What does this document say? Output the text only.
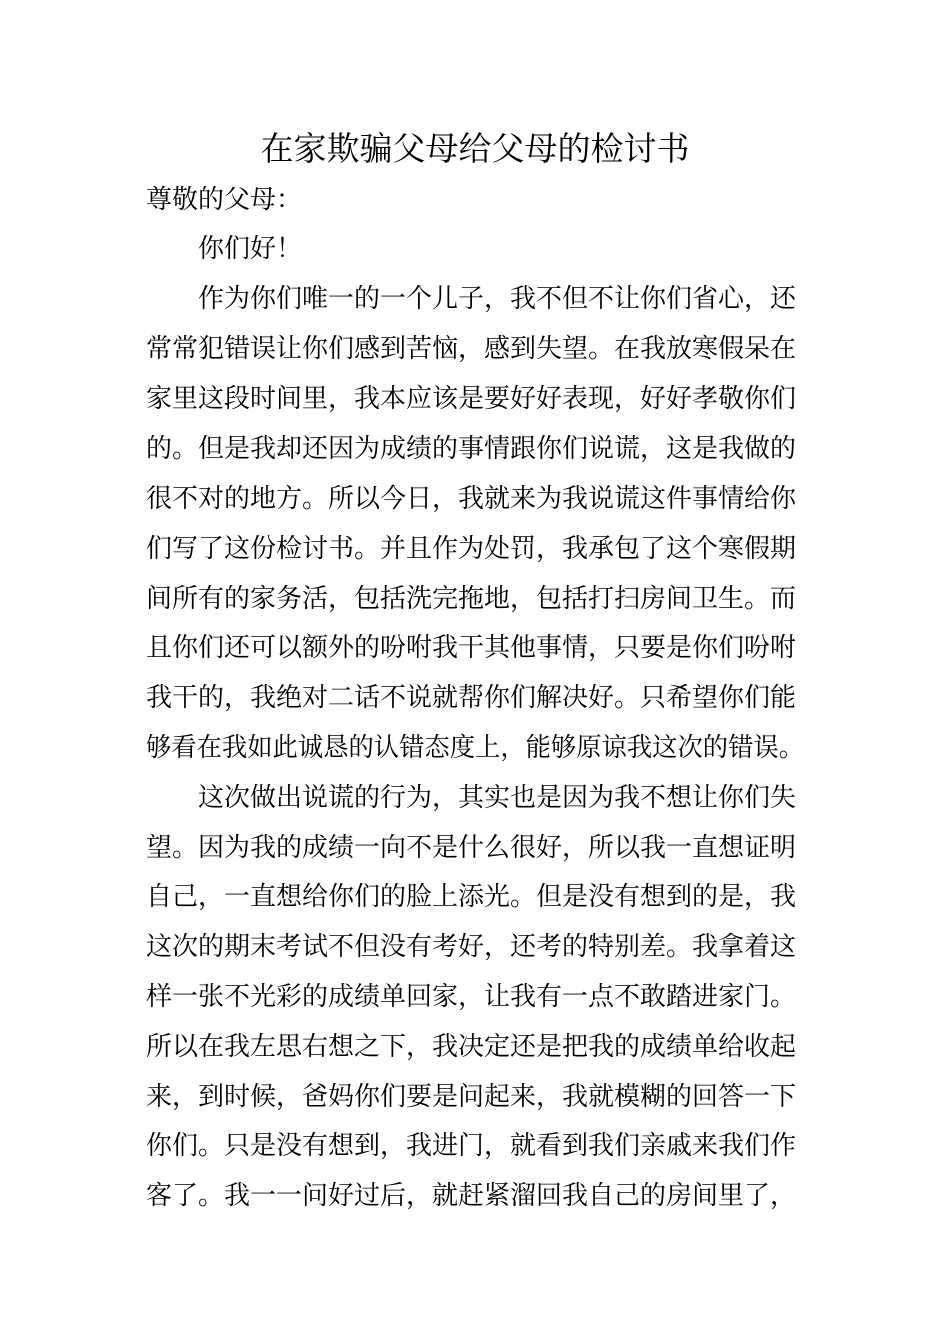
在家欺骗父母给父母的检讨书

尊敬的父母：

你们好！

作为你们唯一的一个儿子，我不但不让你们省心，还

常常犯错误让你们感到苦恼，感到失望。在我放寒假呆在

家里这段时间里，我本应该是要好好表现，好好孝敬你们

的。但是我却还因为成绩的事情跟你们说谎，这是我做的

很不对的地方。所以今日，我就来为我说谎这件事情给你

们写了这份检讨书。并且作为处罚，我承包了这个寒假期

间所有的家务活，包括洗完拖地，包括打扫房间卫生。而

且你们还可以额外的吩咐我干其他事情，只要是你们吩咐

我干的，我绝对二话不说就帮你们解决好。只希望你们能

够看在我如此诚恳的认错态度上，能够原谅我这次的错误。

这次做出说谎的行为，其实也是因为我不想让你们失

望。因为我的成绩一向不是什么很好，所以我一直想证明

自己，一直想给你们的脸上添光。但是没有想到的是，我

这次的期末考试不但没有考好，还考的特别差。我拿着这

样一张不光彩的成绩单回家，让我有一点不敢踏进家门。

所以在我左思右想之下，我决定还是把我的成绩单给收起

来，到时候，爸妈你们要是问起来，我就模糊的回答一下

你们。只是没有想到，我进门，就看到我们亲戚来我们作

客了。我一一问好过后，就赶紧溜回我自己的房间里了，
